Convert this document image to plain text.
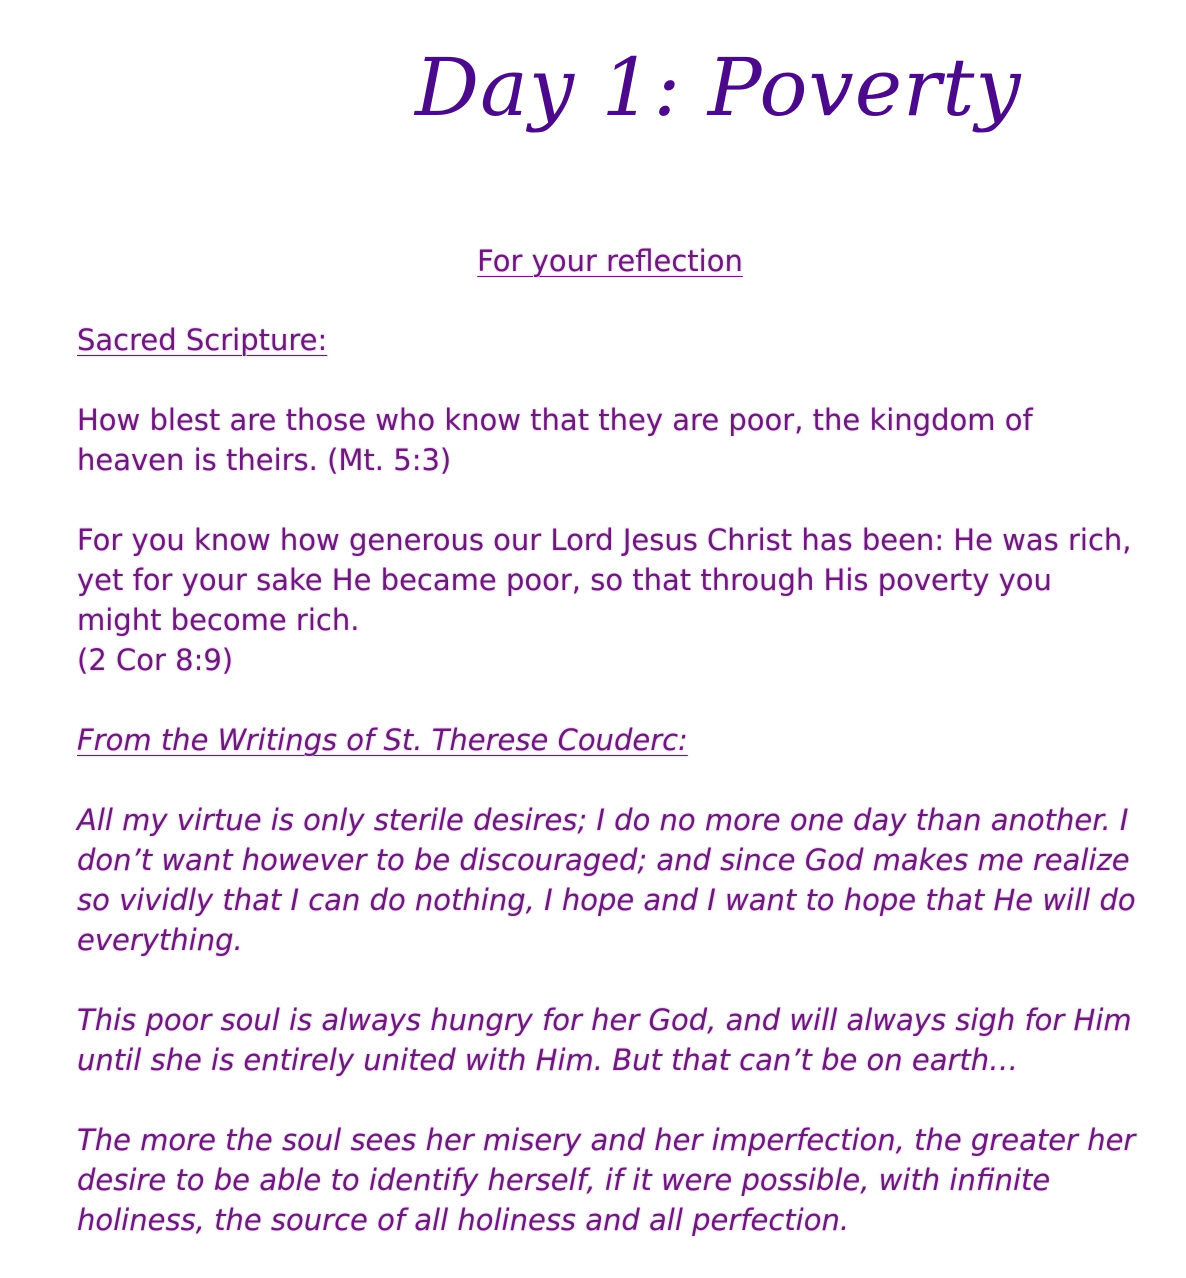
Day 1: Poverty
For your reflection
Sacred Scripture:

How blest are those who know that they are poor, the kingdom of heaven is theirs. (Mt. 5:3)

For you know how generous our Lord Jesus Christ has been: He was rich, yet for your sake He became poor, so that through His poverty you might become rich.

(2 Cor 8:9)

From the Writings of St. Therese Couderc:

All my virtue is only sterile desires; I do no more one day than another. I don’t want however to be discouraged; and since God makes me realize so vividly that I can do nothing, I hope and I want to hope that He will do everything.

This poor soul is always hungry for her God, and will always sigh for Him until she is entirely united with Him. But that can’t be on earth…

The more the soul sees her misery and her imperfection, the greater her desire to be able to identify herself, if it were possible, with infinite holiness, the source of all holiness and all perfection.
